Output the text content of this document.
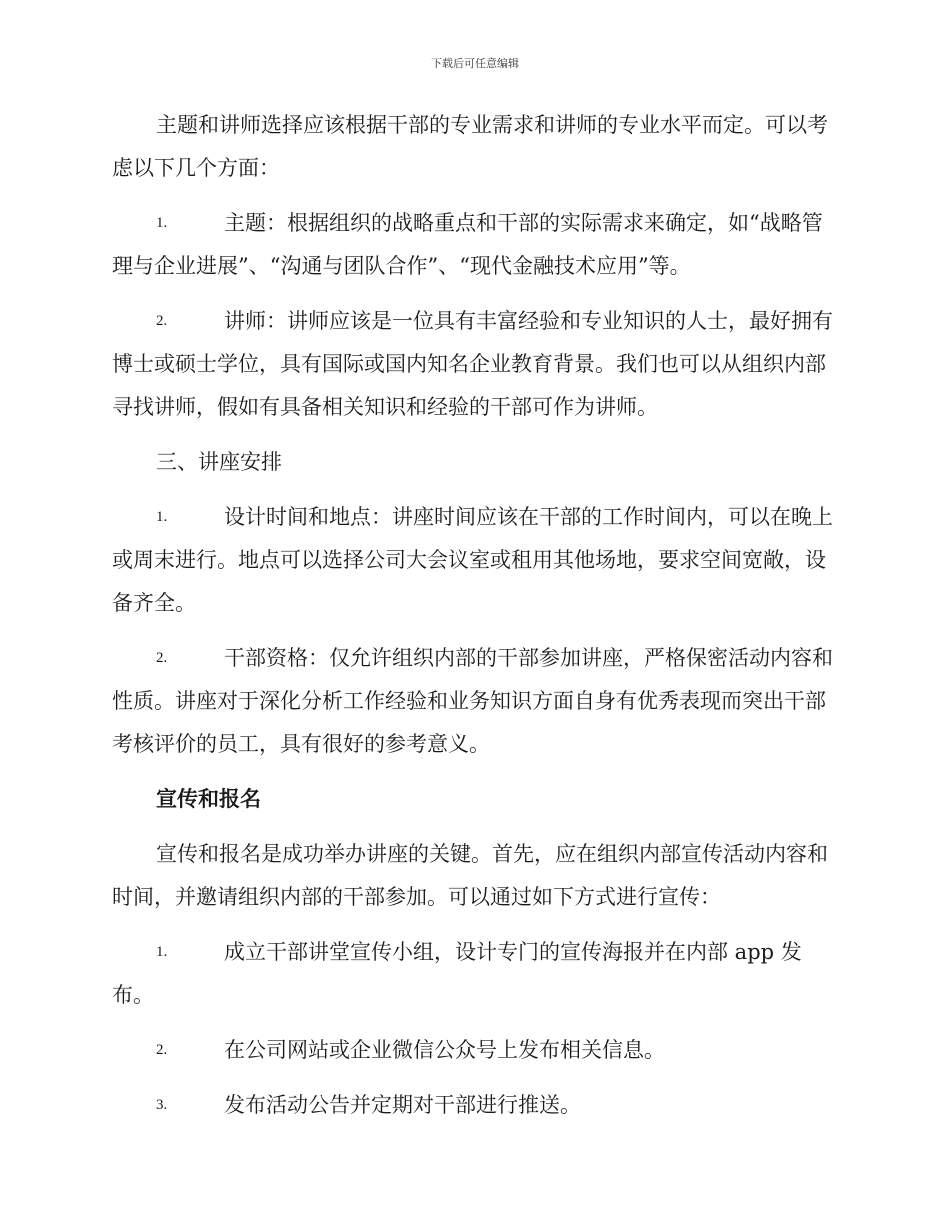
下载后可任意编辑

主题和讲师选择应该根据干部的专业需求和讲师的专业水平而定。可以考虑以下几个方面：

1.	主题：根据组织的战略重点和干部的实际需求来确定，如“战略管理与企业进展”、“沟通与团队合作”、“现代金融技术应用”等。
2.	讲师：讲师应该是一位具有丰富经验和专业知识的人士，最好拥有博士或硕士学位，具有国际或国内知名企业教育背景。我们也可以从组织内部寻找讲师，假如有具备相关知识和经验的干部可作为讲师。

三、讲座安排

1.	设计时间和地点：讲座时间应该在干部的工作时间内，可以在晚上或周末进行。地点可以选择公司大会议室或租用其他场地，要求空间宽敞，设备齐全。
2.	干部资格：仅允许组织内部的干部参加讲座，严格保密活动内容和性质。讲座对于深化分析工作经验和业务知识方面自身有优秀表现而突出干部考核评价的员工，具有很好的参考意义。

宣传和报名

宣传和报名是成功举办讲座的关键。首先，应在组织内部宣传活动内容和时间，并邀请组织内部的干部参加。可以通过如下方式进行宣传：

1.	成立干部讲堂宣传小组，设计专门的宣传海报并在内部 app 发布。
2.	在公司网站或企业微信公众号上发布相关信息。
3.	发布活动公告并定期对干部进行推送。
